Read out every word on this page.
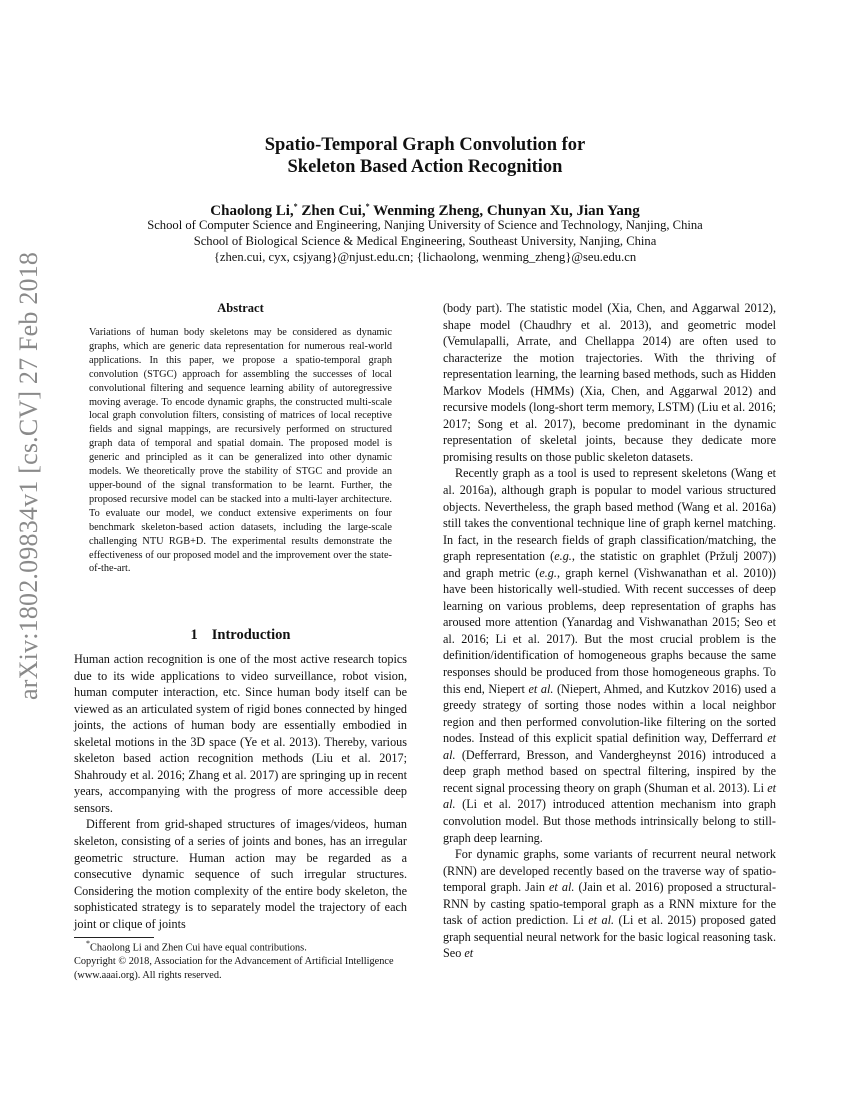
arXiv:1802.09834v1 [cs.CV] 27 Feb 2018
Spatio-Temporal Graph Convolution for
Skeleton Based Action Recognition
Chaolong Li,* Zhen Cui,* Wenming Zheng, Chunyan Xu, Jian Yang
School of Computer Science and Engineering, Nanjing University of Science and Technology, Nanjing, China
School of Biological Science & Medical Engineering, Southeast University, Nanjing, China
{zhen.cui, cyx, csjyang}@njust.edu.cn; {lichaolong, wenming_zheng}@seu.edu.cn
Abstract
Variations of human body skeletons may be considered as dynamic graphs, which are generic data representation for numerous real-world applications. In this paper, we propose a spatio-temporal graph convolution (STGC) approach for assembling the successes of local convolutional filtering and sequence learning ability of autoregressive moving average. To encode dynamic graphs, the constructed multi-scale local graph convolution filters, consisting of matrices of local receptive fields and signal mappings, are recursively performed on structured graph data of temporal and spatial domain. The proposed model is generic and principled as it can be generalized into other dynamic models. We theoretically prove the stability of STGC and provide an upper-bound of the signal transformation to be learnt. Further, the proposed recursive model can be stacked into a multi-layer architecture. To evaluate our model, we conduct extensive experiments on four benchmark skeleton-based action datasets, including the large-scale challenging NTU RGB+D. The experimental results demonstrate the effectiveness of our proposed model and the improvement over the state-of-the-art.
1 Introduction

Human action recognition is one of the most active research topics due to its wide applications to video surveillance, robot vision, human computer interaction, etc. Since human body itself can be viewed as an articulated system of rigid bones connected by hinged joints, the actions of human body are essentially embodied in skeletal motions in the 3D space (Ye et al. 2013). Thereby, various skeleton based action recognition methods (Liu et al. 2017; Shahroudy et al. 2016; Zhang et al. 2017) are springing up in recent years, accompanying with the progress of more accessible deep sensors.

Different from grid-shaped structures of images/videos, human skeleton, consisting of a series of joints and bones, has an irregular geometric structure. Human action may be regarded as a consecutive dynamic sequence of such irregular structures. Considering the motion complexity of the entire body skeleton, the sophisticated strategy is to separately model the trajectory of each joint or clique of joints

(body part). The statistic model (Xia, Chen, and Aggarwal 2012), shape model (Chaudhry et al. 2013), and geometric model (Vemulapalli, Arrate, and Chellappa 2014) are often used to characterize the motion trajectories. With the thriving of representation learning, the learning based methods, such as Hidden Markov Models (HMMs) (Xia, Chen, and Aggarwal 2012) and recursive models (long-short term memory, LSTM) (Liu et al. 2016; 2017; Song et al. 2017), become predominant in the dynamic representation of skeletal joints, because they dedicate more promising results on those public skeleton datasets.

Recently graph as a tool is used to represent skeletons (Wang et al. 2016a), although graph is popular to model various structured objects. Nevertheless, the graph based method (Wang et al. 2016a) still takes the conventional technique line of graph kernel matching. In fact, in the research fields of graph classification/matching, the graph representation (e.g., the statistic on graphlet (Pržulj 2007)) and graph metric (e.g., graph kernel (Vishwanathan et al. 2010)) have been historically well-studied. With recent successes of deep learning on various problems, deep representation of graphs has aroused more attention (Yanardag and Vishwanathan 2015; Seo et al. 2016; Li et al. 2017). But the most crucial problem is the definition/identification of homogeneous graphs because the same responses should be produced from those homogeneous graphs. To this end, Niepert et al. (Niepert, Ahmed, and Kutzkov 2016) used a greedy strategy of sorting those nodes within a local neighbor region and then performed convolution-like filtering on the sorted nodes. Instead of this explicit spatial definition way, Defferrard et al. (Defferrard, Bresson, and Vandergheynst 2016) introduced a deep graph method based on spectral filtering, inspired by the recent signal processing theory on graph (Shuman et al. 2013). Li et al. (Li et al. 2017) introduced attention mechanism into graph convolution model. But those methods intrinsically belong to still-graph deep learning.

For dynamic graphs, some variants of recurrent neural network (RNN) are developed recently based on the traverse way of spatio-temporal graph. Jain et al. (Jain et al. 2016) proposed a structural-RNN by casting spatio-temporal graph as a RNN mixture for the task of action prediction. Li et al. (Li et al. 2015) proposed gated graph sequential neural network for the basic logical reasoning task. Seo et

*Chaolong Li and Zhen Cui have equal contributions.
Copyright © 2018, Association for the Advancement of Artificial Intelligence (www.aaai.org). All rights reserved.
